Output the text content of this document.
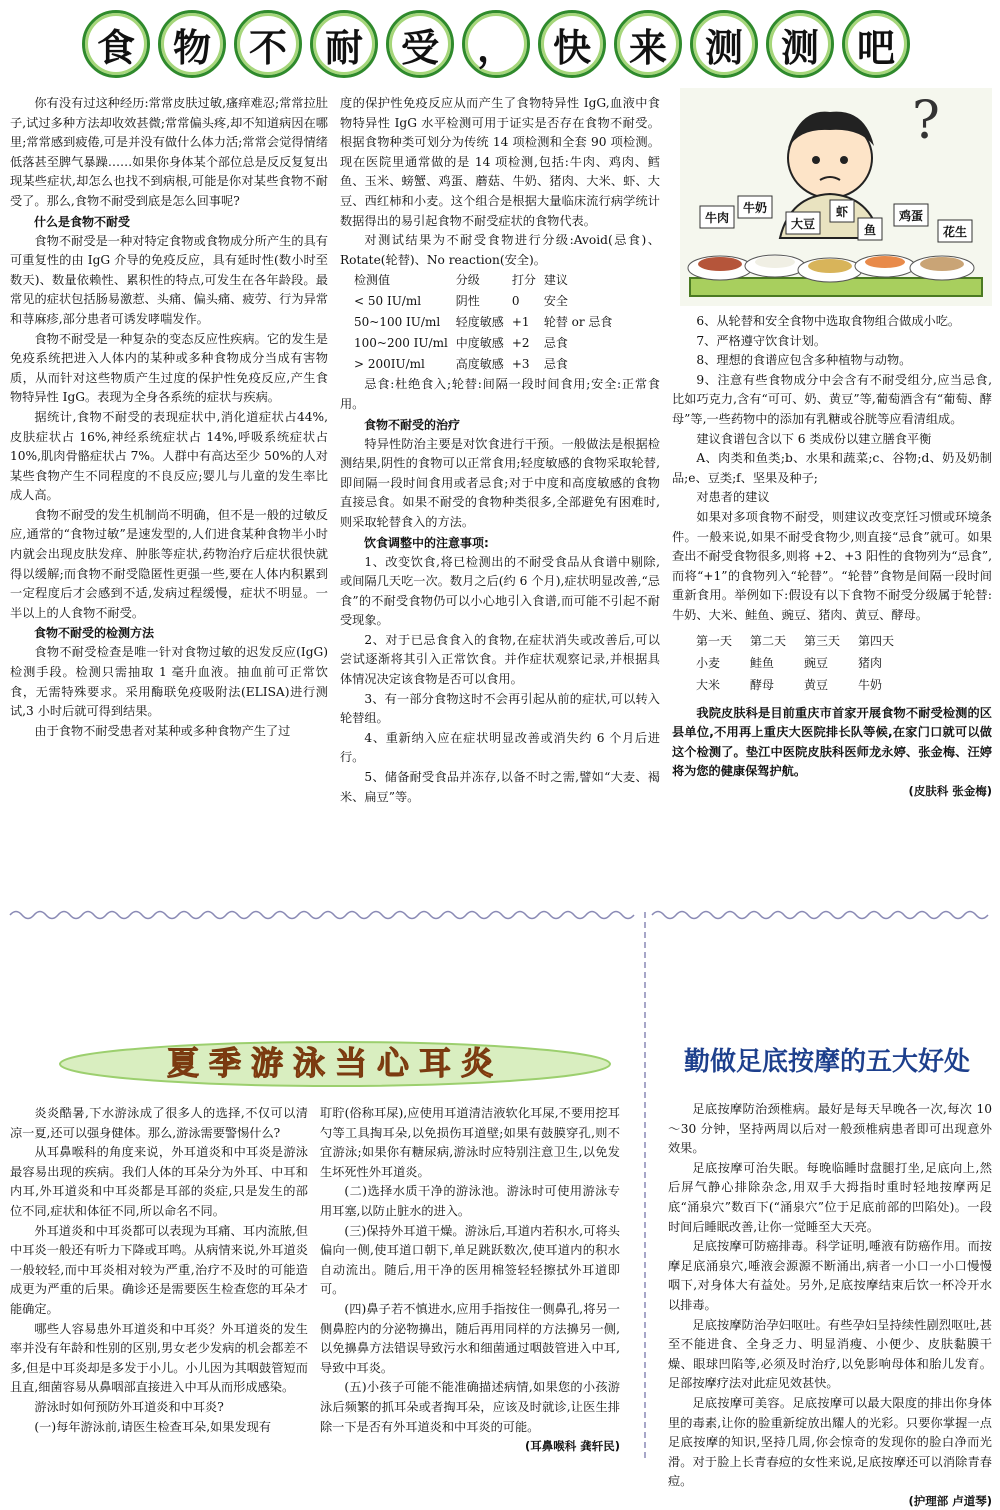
食 物 不 耐 受 ， 快 来 测 测 吧

你有没有过这种经历:常常皮肤过敏,瘙痒难忍;常常拉肚子,试过多种方法却收效甚微;常常偏头疼,却不知道病因在哪里;常常感到疲倦,可是并没有做什么体力活;常常会觉得情绪低落甚至脾气暴躁……如果你身体某个部位总是反反复复出现某些症状,却怎么也找不到病根,可能是你对某些食物不耐受了。那么,食物不耐受到底是怎么回事呢?

什么是食物不耐受

食物不耐受是一种对特定食物或食物成分所产生的具有可重复性的由 IgG 介导的免疫反应，具有延时性(数小时至数天)、数量依赖性、累积性的特点,可发生在各年龄段。最常见的症状包括肠易激惹、头痛、偏头痛、疲劳、行为异常和荨麻疹,部分患者可诱发哮喘发作。

食物不耐受是一种复杂的变态反应性疾病。它的发生是免疫系统把进入人体内的某种或多种食物成分当成有害物质，从而针对这些物质产生过度的保护性免疫反应,产生食物特异性 IgG。表现为全身各系统的症状与疾病。

据统计,食物不耐受的表现症状中,消化道症状占44%,皮肤症状占 16%,神经系统症状占 14%,呼吸系统症状占 10%,肌肉骨骼症状占 7%。人群中有高达至少 50%的人对某些食物产生不同程度的不良反应;婴儿与儿童的发生率比成人高。

食物不耐受的发生机制尚不明确，但不是一般的过敏反应,通常的“食物过敏”是速发型的,人们进食某种食物半小时内就会出现皮肤发痒、肿胀等症状,药物治疗后症状很快就得以缓解;而食物不耐受隐匿性更强一些,要在人体内积累到一定程度后才会感到不适,发病过程缓慢，症状不明显。一半以上的人食物不耐受。

食物不耐受的检测方法

食物不耐受检查是唯一针对食物过敏的迟发反应(IgG)检测手段。检测只需抽取 1 毫升血液。抽血前可正常饮食，无需特殊要求。采用酶联免疫吸附法(ELISA)进行测试,3 小时后就可得到结果。

由于食物不耐受患者对某种或多种食物产生了过

度的保护性免疫反应从而产生了食物特异性 IgG,血液中食物特异性 IgG 水平检测可用于证实是否存在食物不耐受。根据食物种类可划分为传统 14 项检测和全套 90 项检测。现在医院里通常做的是 14 项检测,包括:牛肉、鸡肉、鳕鱼、玉米、螃蟹、鸡蛋、蘑菇、牛奶、猪肉、大米、虾、大豆、西红柿和小麦。这个组合是根据大量临床流行病学统计数据得出的易引起食物不耐受症状的食物代表。

对测试结果为不耐受食物进行分级:Avoid(忌食)、Rotate(轮替)、No reaction(安全)。

检测值	分级	打分	建议
< 50 IU/ml	阴性	0	安全
50~100 IU/ml	轻度敏感	+1	轮替 or 忌食
100~200 IU/ml	中度敏感	+2	忌食
> 200IU/ml	高度敏感	+3	忌食

忌食:杜绝食入;轮替:间隔一段时间食用;安全:正常食用。

食物不耐受的治疗

特异性防治主要是对饮食进行干预。一般做法是根据检测结果,阴性的食物可以正常食用;轻度敏感的食物采取轮替,即间隔一段时间食用或者忌食;对于中度和高度敏感的食物直接忌食。如果不耐受的食物种类很多,全部避免有困难时,则采取轮替食入的方法。

饮食调整中的注意事项:

1、改变饮食,将已检测出的不耐受食品从食谱中剔除,或间隔几天吃一次。数月之后(约 6 个月),症状明显改善,“忌食”的不耐受食物仍可以小心地引入食谱,而可能不引起不耐受现象。

2、对于已忌食食入的食物,在症状消失或改善后,可以尝试逐渐将其引入正常饮食。并作症状观察记录,并根据具体情况决定该食物是否可以食用。

3、有一部分食物这时不会再引起从前的症状,可以转入轮替组。

4、重新纳入应在症状明显改善或消失约 6 个月后进行。

5、储备耐受食品并冻存,以备不时之需,譬如“大麦、褐米、扁豆”等。

?
牛肉
牛奶
大豆
虾
鱼
鸡蛋
花生

6、从轮替和安全食物中选取食物组合做成小吃。

7、严格遵守饮食计划。

8、理想的食谱应包含多种植物与动物。

9、注意有些食物成分中会含有不耐受组分,应当忌食,比如巧克力,含有“可可、奶、黄豆”等,葡萄酒含有“葡萄、酵母”等,一些药物中的添加有乳糖或谷胱等应看清组成。

建议食谱包含以下 6 类成份以建立膳食平衡

A、肉类和鱼类;b、水果和蔬菜;c、谷物;d、奶及奶制品;e、豆类;f、坚果及种子;

对患者的建议

如果对多项食物不耐受，则建议改变烹饪习惯或环境条件。一般来说,如果不耐受食物少,则直接“忌食”就可。如果查出不耐受食物很多,则将 +2、+3 阳性的食物列为“忌食”,而将“+1”的食物列入“轮替”。“轮替”食物是间隔一段时间重新食用。举例如下:假设有以下食物不耐受分级属于轮替:牛奶、大米、鲑鱼、豌豆、猪肉、黄豆、酵母。

第一天	第二天	第三天	第四天
小麦	鲑鱼	豌豆	猪肉
大米	酵母	黄豆	牛奶

我院皮肤科是目前重庆市首家开展食物不耐受检测的区县单位,不用再上重庆大医院排长队等候,在家门口就可以做这个检测了。垫江中医院皮肤科医师龙永婷、张金梅、汪婷将为您的健康保驾护航。

(皮肤科 张金梅)

夏季游泳当心耳炎	勤做足底按摩的五大好处

炎炎酷暑,下水游泳成了很多人的选择,不仅可以清凉一夏,还可以强身健体。那么,游泳需要警惕什么?

从耳鼻喉科的角度来说，外耳道炎和中耳炎是游泳最容易出现的疾病。我们人体的耳朵分为外耳、中耳和内耳,外耳道炎和中耳炎都是耳部的炎症,只是发生的部位不同,症状和体征不同,所以命名不同。

外耳道炎和中耳炎都可以表现为耳痛、耳内流脓,但中耳炎一般还有听力下降或耳鸣。从病情来说,外耳道炎一般较轻,而中耳炎相对较为严重,治疗不及时的可能造成更为严重的后果。确诊还是需要医生检查您的耳朵才能确定。

哪些人容易患外耳道炎和中耳炎？外耳道炎的发生率并没有年龄和性别的区别,男女老少发病的机会都差不多,但是中耳炎却是多发于小儿。小儿因为其咽鼓管短而且直,细菌容易从鼻咽部直接进入中耳从而形成感染。

游泳时如何预防外耳道炎和中耳炎?

(一)每年游泳前,请医生检查耳朵,如果发现有

耵聍(俗称耳屎),应使用耳道清洁液软化耳屎,不要用挖耳勺等工具掏耳朵,以免损伤耳道壁;如果有鼓膜穿孔,则不宜游泳;如果你有糖尿病,游泳时应特别注意卫生,以免发生坏死性外耳道炎。

(二)选择水质干净的游泳池。游泳时可使用游泳专用耳塞,以防止脏水的进入。

(三)保持外耳道干燥。游泳后,耳道内若积水,可将头偏向一侧,使耳道口朝下,单足跳跃数次,使耳道内的积水自动流出。随后,用干净的医用棉签轻轻擦拭外耳道即可。

(四)鼻子若不慎进水,应用手指按住一侧鼻孔,将另一侧鼻腔内的分泌物擤出，随后再用同样的方法擤另一侧,以免擤鼻方法错误导致污水和细菌通过咽鼓管进入中耳,导致中耳炎。

(五)小孩子可能不能准确描述病情,如果您的小孩游泳后频繁的抓耳朵或者掏耳朵，应该及时就诊,让医生排除一下是否有外耳道炎和中耳炎的可能。

(耳鼻喉科 龚轩民)

足底按摩防治颈椎病。最好是每天早晚各一次,每次 10～30 分钟，坚持两周以后对一般颈椎病患者即可出现意外效果。

足底按摩可治失眠。每晚临睡时盘腿打坐,足底向上,然后屏气静心排除杂念,用双手大拇指时重时轻地按摩两足底“涌泉穴”数百下(“涌泉穴”位于足底前部的凹陷处)。一段时间后睡眠改善,让你一觉睡至大天亮。

足底按摩可防癌排毒。科学证明,唾液有防癌作用。而按摩足底涌泉穴,唾液会源源不断涌出,病者一小口一小口慢慢咽下,对身体大有益处。另外,足底按摩结束后饮一杯冷开水以排毒。

足底按摩防治孕妇呕吐。有些孕妇呈持续性剧烈呕吐,甚至不能进食、全身乏力、明显消瘦、小便少、皮肤黏膜干燥、眼球凹陷等,必须及时治疗,以免影响母体和胎儿发育。足部按摩疗法对此症见效甚快。

足底按摩可美容。足底按摩可以最大限度的排出你身体里的毒素,让你的脸重新绽放出耀人的光彩。只要你掌握一点足底按摩的知识,坚持几周,你会惊奇的发现你的脸白净而光滑。对于脸上长青春痘的女性来说,足底按摩还可以消除青春痘。

(护理部 卢道琴)
